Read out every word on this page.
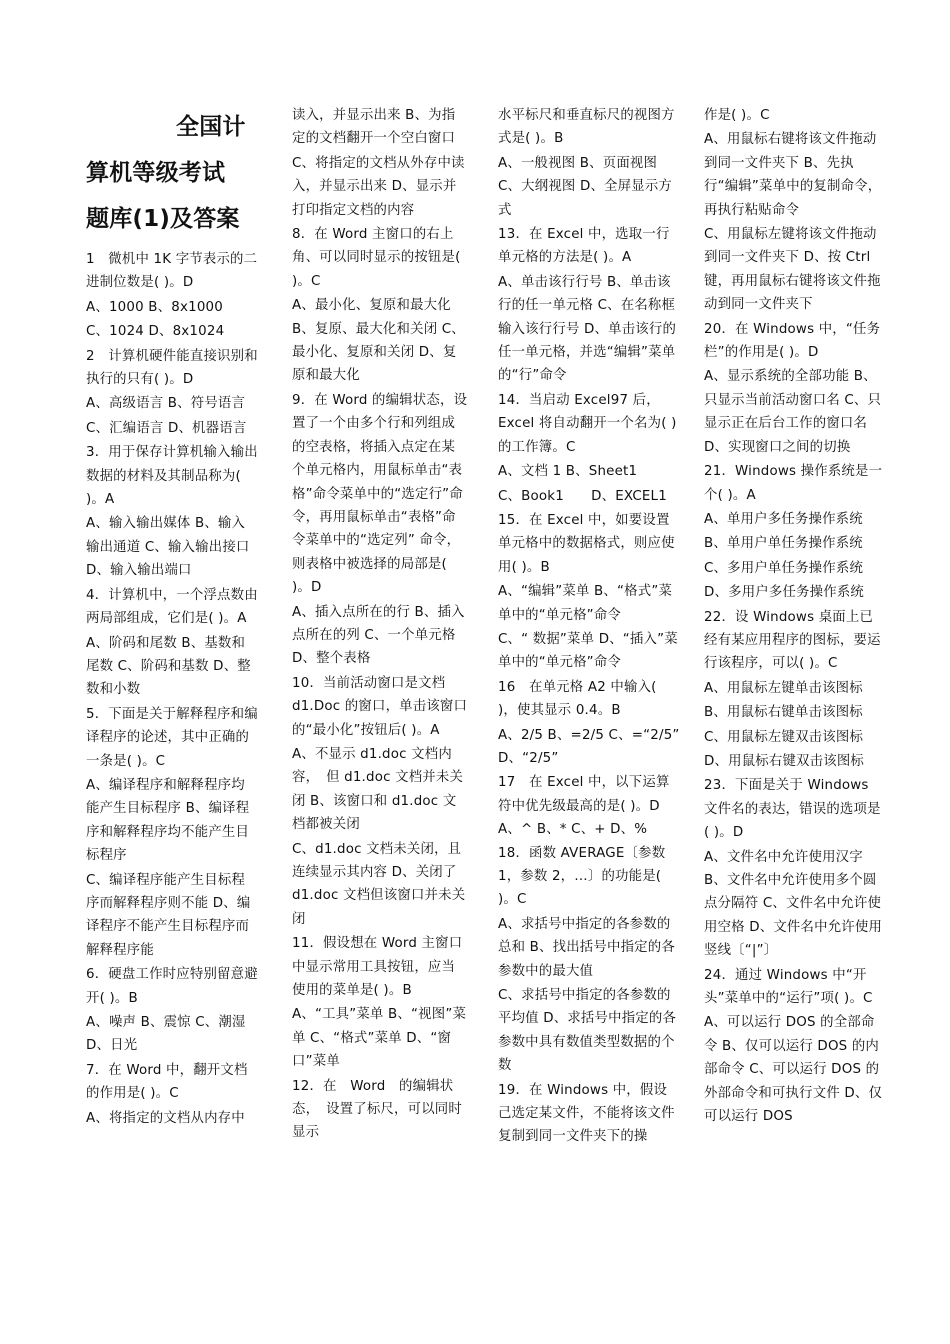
全国计
算机等级考试
题库(1)及答案

1　微机中 1K 字节表示的二进制位数是( )。D

A、1000 B、8x1000

C、1024 D、8x1024

2　计算机硬件能直接识别和执行的只有( )。D

A、高级语言 B、符号语言

C、汇编语言 D、机器语言

3．用于保存计算机输入输出数据的材料及其制品称为( )。A

A、输入输出媒体 B、输入输出通道 C、输入输出接口　 D、输入输出端口

4．计算机中，一个浮点数由两局部组成，它们是( )。A

A、阶码和尾数 B、基数和尾数 C、阶码和基数 D、整数和小数

5．下面是关于解释程序和编译程序的论述，其中正确的一条是( )。C

A、编译程序和解释程序均能产生目标程序 B、编译程序和解释程序均不能产生目标程序

C、编译程序能产生目标程序而解释程序则不能 D、编译程序不能产生目标程序而解释程序能

6．硬盘工作时应特别留意避开( )。B

A、噪声 B、震惊 C、潮湿 D、日光

7．在 Word 中，翻开文档的作用是( )。C

A、将指定的文档从内存中

读入，并显示出来 B、为指定的文档翻开一个空白窗口

C、将指定的文档从外存中读入，并显示出来 D、显示并打印指定文档的内容

8．在 Word 主窗口的右上角、可以同时显示的按钮是( )。C

A、最小化、复原和最大化 B、复原、最大化和关闭 C、最小化、复原和关闭 D、复原和最大化

9．在 Word 的编辑状态，设置了一个由多个行和列组成的空表格，将插入点定在某个单元格内，用鼠标单击“表格”命令菜单中的“选定行”命令，再用鼠标单击“表格”命令菜单中的“选定列” 命令，则表格中被选择的局部是( )。D

A、插入点所在的行 B、插入点所在的列 C、一个单元格　　D、整个表格

10．当前活动窗口是文档 d1.Doc 的窗口，单击该窗口的“最小化”按钮后( )。A

A、不显示 d1.doc 文档内容，　但 d1.doc 文档并未关闭 B、该窗口和 d1.doc 文档都被关闭

C、d1.doc 文档未关闭，且连续显示其内容 D、关闭了 d1.doc 文档但该窗口并未关闭

11．假设想在 Word 主窗口中显示常用工具按钮，应当使用的菜单是( )。B

A、“工具”菜单 B、“视图”菜单 C、“格式”菜单 D、“窗口”菜单

12．在　Word　的编辑状态，　设置了标尺，可以同时显示

水平标尺和垂直标尺的视图方式是( )。B

A、一般视图 B、页面视图 C、大纲视图 D、全屏显示方式

13．在 Excel 中，选取一行单元格的方法是( )。A

A、单击该行行号 B、单击该行的任一单元格 C、在名称框输入该行行号 D、单击该行的任一单元格，并选“编辑”菜单的“行”命令

14．当启动 Excel97 后，Excel 将自动翻开一个名为( )的工作簿。C

A、文档 1 B、Sheet1

C、Book1　　D、EXCEL1

15．在 Excel 中，如要设置单元格中的数据格式，则应使用( )。B

A、“编辑”菜单 B、“格式”菜单中的“单元格”命令

C、“ 数据”菜单 D、“插入”菜单中的“单元格”命令

16　在单元格 A2 中输入( )，使其显示 0.4。B

A、2/5 B、=2/5 C、=“2/5” D、“2/5”

17　在 Excel 中，以下运算符中优先级最高的是( )。D A、^ B、* C、+ D、% 18．函数 AVERAGE〔参数 1，参数 2，…〕的功能是( )。C

A、求括号中指定的各参数的总和 B、找出括号中指定的各参数中的最大值

C、求括号中指定的各参数的平均值 D、求括号中指定的各参数中具有数值类型数据的个数

19．在 Windows 中，假设己选定某文件，不能将该文件复制到同一文件夹下的操

作是( )。C

A、用鼠标右键将该文件拖动到同一文件夹下 B、先执行“编辑”菜单中的复制命令，再执行粘贴命令

C、用鼠标左键将该文件拖动到同一文件夹下 D、按 Ctrl 键，再用鼠标右键将该文件拖动到同一文件夹下

20．在 Windows 中，“任务栏”的作用是( )。D

A、显示系统的全部功能 B、只显示当前活动窗口名 C、只显示正在后台工作的窗口名 D、实现窗口之间的切换

21．Windows 操作系统是一个( )。A

A、单用户多任务操作系统

B、单用户单任务操作系统

C、多用户单任务操作系统

D、多用户多任务操作系统

22．设 Windows 桌面上已经有某应用程序的图标，要运行该程序，可以( )。C

A、用鼠标左键单击该图标

B、用鼠标右键单击该图标

C、用鼠标左键双击该图标

D、用鼠标右键双击该图标

23．下面是关于 Windows 文件名的表达，错误的选项是( )。D

A、文件名中允许使用汉字 B、文件名中允许使用多个圆点分隔符 C、文件名中允许使用空格 D、文件名中允许使用竖线〔“|”〕

24．通过 Windows 中“开头”菜单中的“运行”项( )。C

A、可以运行 DOS 的全部命令 B、仅可以运行 DOS 的内部命令 C、可以运行 DOS 的外部命令和可执行文件 D、仅可以运行 DOS
